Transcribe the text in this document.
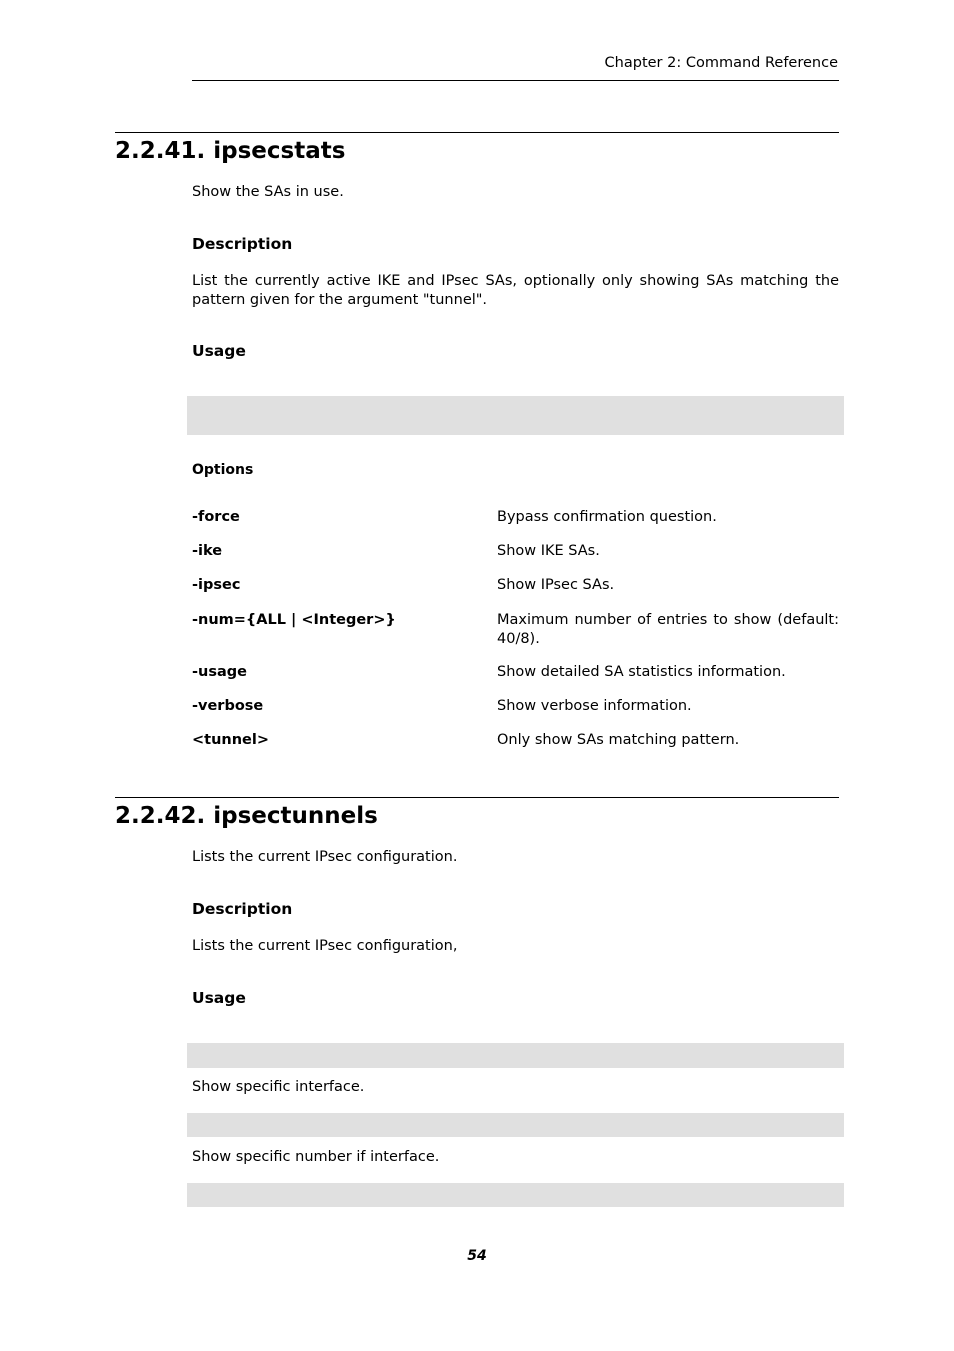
Chapter 2: Command Reference
2.2.41. ipsecstats
Show the SAs in use.
Description
List the currently active IKE and IPsec SAs, optionally only showing SAs matching the pattern given for the argument "tunnel".
Usage
Options
-force	Bypass confirmation question.
-ike	Show IKE SAs.
-ipsec	Show IPsec SAs.
-num={ALL | <Integer>}	Maximum number of entries to show (default: 40/8).
-usage	Show detailed SA statistics information.
-verbose	Show verbose information.
<tunnel>	Only show SAs matching pattern.
2.2.42. ipsectunnels
Lists the current IPsec configuration.
Description
Lists the current IPsec configuration,
Usage
Show specific interface.
Show specific number if interface.
54
